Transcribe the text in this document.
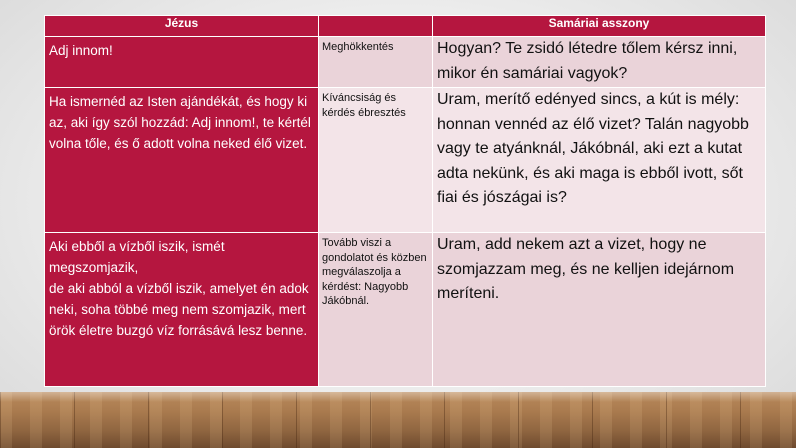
Jézus		Samáriai asszony

Adj innom!	Meghökkentés	Hogyan? Te zsidó létedre tőlem kérsz inni, mikor én samáriai vagyok?

Ha ismernéd az Isten ajándékát, és hogy ki az, aki így szól hozzád: Adj innom!, te kértél volna tőle, és ő adott volna neked élő vizet.	Kíváncsiság és kérdés ébresztés	Uram, merítő edényed sincs, a kút is mély: honnan vennéd az élő vizet? Talán nagyobb vagy te atyánknál, Jákóbnál, aki ezt a kutat adta nekünk, és aki maga is ebből ivott, sőt fiai és jószágai is?

Aki ebből a vízből iszik, ismét megszomjazik,
de aki abból a vízből iszik, amelyet én adok neki, soha többé meg nem szomjazik, mert örök életre buzgó víz forrásává lesz benne.	Tovább viszi a gondolatot és közben megválaszolja a kérdést: Nagyobb Jákóbnál.	Uram, add nekem azt a vizet, hogy ne szomjazzam meg, és ne kelljen idejárnom meríteni.
